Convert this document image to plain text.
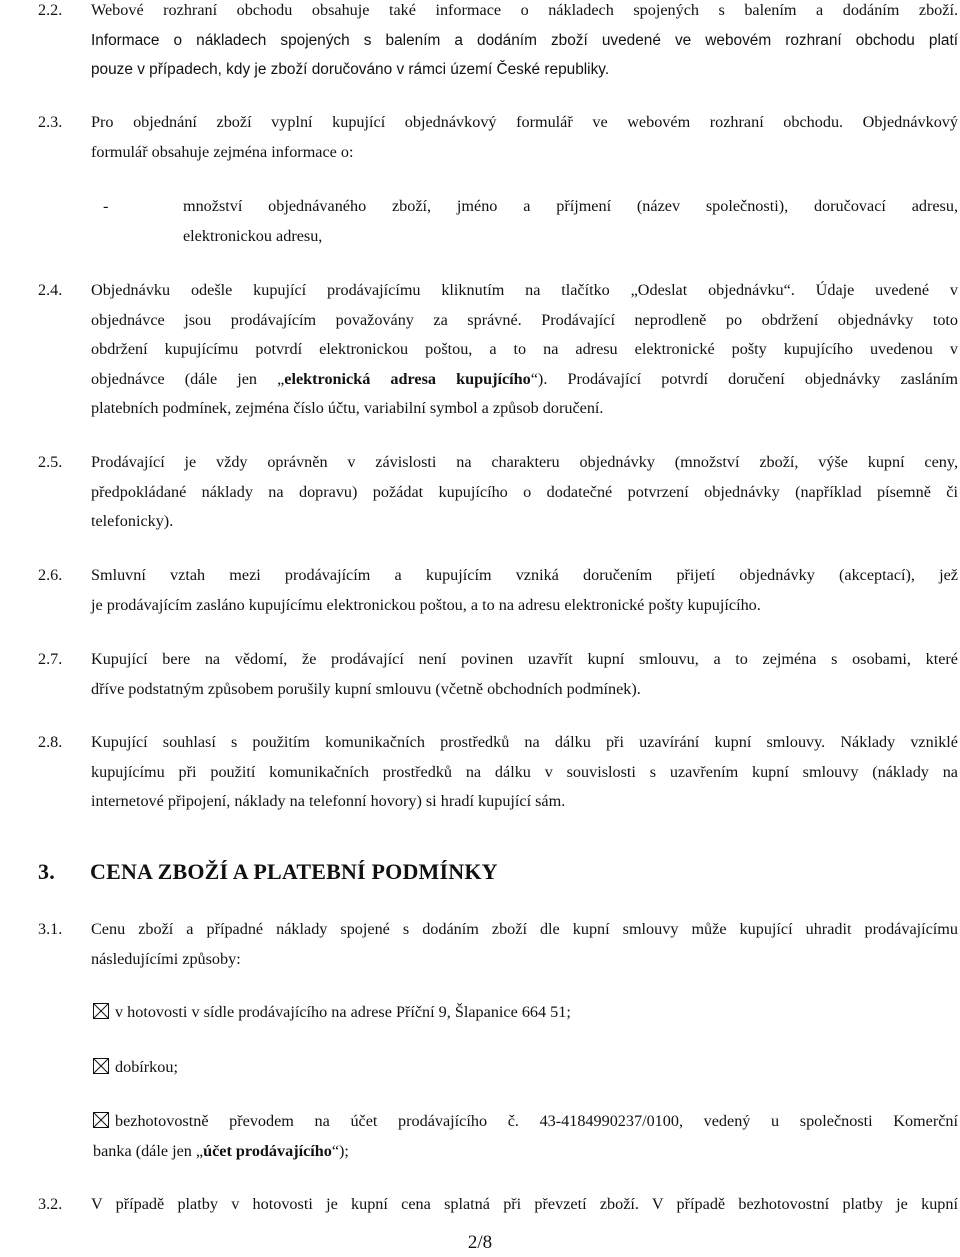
2.2. Webové rozhraní obchodu obsahuje také informace o nákladech spojených s balením a dodáním zboží.
Informace o nákladech spojených s balením a dodáním zboží uvedené ve webovém rozhraní obchodu platí
pouze v případech, kdy je zboží doručováno v rámci území České republiky.
2.3. Pro objednání zboží vyplní kupující objednávkový formulář ve webovém rozhraní obchodu. Objednávkový
formulář obsahuje zejména informace o:
-	množství objednávaného zboží, jméno a příjmení (název společnosti), doručovací adresu,
elektronickou adresu,
2.4. Objednávku odešle kupující prodávajícímu kliknutím na tlačítko „Odeslat objednávku“. Údaje uvedené v
objednávce jsou prodávajícím považovány za správné. Prodávající neprodleně po obdržení objednávky toto
obdržení kupujícímu potvrdí elektronickou poštou, a to na adresu elektronické pošty kupujícího uvedenou v
objednávce (dále jen „elektronická adresa kupujícího“). Prodávající potvrdí doručení objednávky zasláním
platebních podmínek, zejména číslo účtu, variabilní symbol a způsob doručení.
2.5. Prodávající je vždy oprávněn v závislosti na charakteru objednávky (množství zboží, výše kupní ceny,
předpokládané náklady na dopravu) požádat kupujícího o dodatečné potvrzení objednávky (například písemně či
telefonicky).
2.6. Smluvní vztah mezi prodávajícím a kupujícím vzniká doručením přijetí objednávky (akceptací), jež
je prodávajícím zasláno kupujícímu elektronickou poštou, a to na adresu elektronické pošty kupujícího.
2.7. Kupující bere na vědomí, že prodávající není povinen uzavřít kupní smlouvu, a to zejména s osobami, které
dříve podstatným způsobem porušily kupní smlouvu (včetně obchodních podmínek).
2.8. Kupující souhlasí s použitím komunikačních prostředků na dálku při uzavírání kupní smlouvy. Náklady vzniklé
kupujícímu při použití komunikačních prostředků na dálku v souvislosti s uzavřením kupní smlouvy (náklady na
internetové připojení, náklady na telefonní hovory) si hradí kupující sám.
3. CENA ZBOŽÍ A PLATEBNÍ PODMÍNKY
3.1. Cenu zboží a případné náklady spojené s dodáním zboží dle kupní smlouvy může kupující uhradit prodávajícímu
následujícími způsoby:
v hotovosti v sídle prodávajícího na adrese Příční 9, Šlapanice 664 51;
dobírkou;
bezhotovostně převodem na účet prodávajícího č. 43-4184990237/0100, vedený u společnosti Komerční
banka (dále jen „účet prodávajícího“);
3.2. V případě platby v hotovosti je kupní cena splatná při převzetí zboží. V případě bezhotovostní platby je kupní
2/8
